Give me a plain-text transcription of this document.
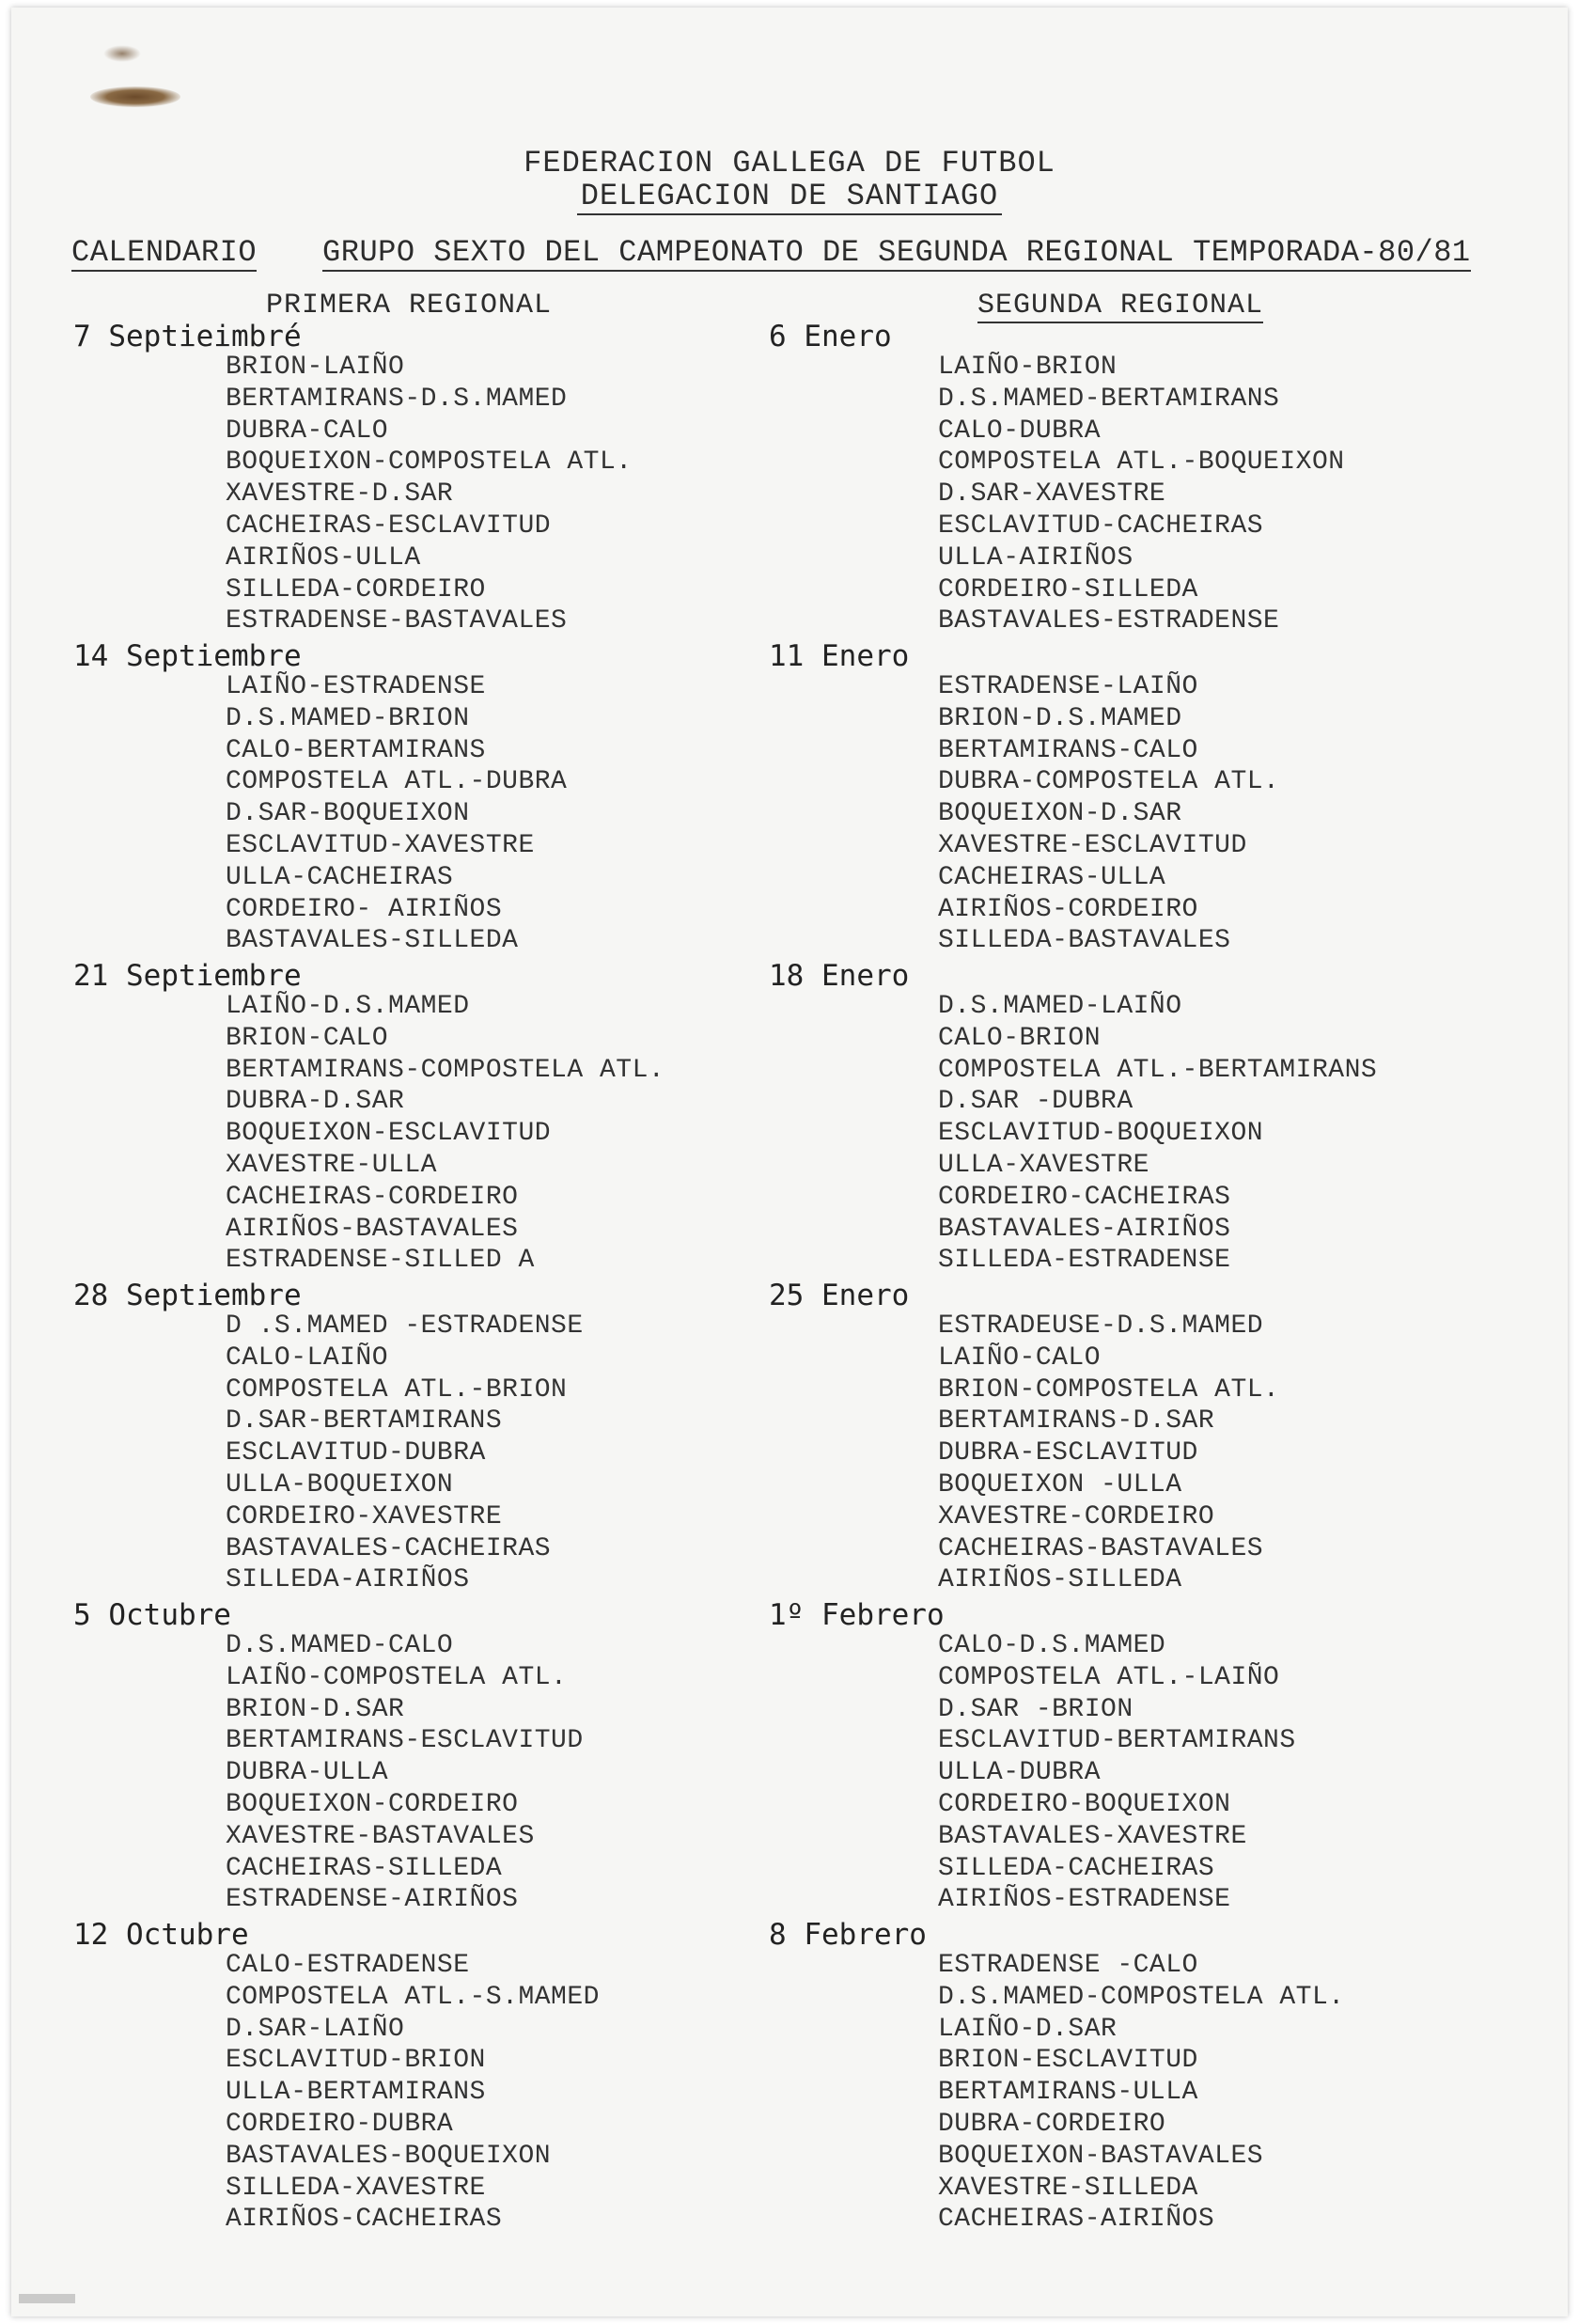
FEDERACION GALLEGA DE FUTBOL
DELEGACION DE SANTIAGO
CALENDARIO GRUPO SEXTO DEL CAMPEONATO DE SEGUNDA REGIONAL TEMPORADA-80/81
PRIMERA REGIONAL	SEGUNDA REGIONAL
7 Septieimbré
BRION-LAIÑO
BERTAMIRANS-D.S.MAMED
DUBRA-CALO
BOQUEIXON-COMPOSTELA ATL.
XAVESTRE-D.SAR
CACHEIRAS-ESCLAVITUD
AIRIÑOS-ULLA
SILLEDA-CORDEIRO
ESTRADENSE-BASTAVALES
14 Septiembre
LAIÑO-ESTRADENSE
D.S.MAMED-BRION
CALO-BERTAMIRANS
COMPOSTELA ATL.-DUBRA
D.SAR-BOQUEIXON
ESCLAVITUD-XAVESTRE
ULLA-CACHEIRAS
CORDEIRO- AIRIÑOS
BASTAVALES-SILLEDA
21 Septiembre
LAIÑO-D.S.MAMED
BRION-CALO
BERTAMIRANS-COMPOSTELA ATL.
DUBRA-D.SAR
BOQUEIXON-ESCLAVITUD
XAVESTRE-ULLA
CACHEIRAS-CORDEIRO
AIRIÑOS-BASTAVALES
ESTRADENSE-SILLED A
28 Septiembre
D .S.MAMED -ESTRADENSE
CALO-LAIÑO
COMPOSTELA ATL.-BRION
D.SAR-BERTAMIRANS
ESCLAVITUD-DUBRA
ULLA-BOQUEIXON
CORDEIRO-XAVESTRE
BASTAVALES-CACHEIRAS
SILLEDA-AIRIÑOS
5 Octubre
D.S.MAMED-CALO
LAIÑO-COMPOSTELA ATL.
BRION-D.SAR
BERTAMIRANS-ESCLAVITUD
DUBRA-ULLA
BOQUEIXON-CORDEIRO
XAVESTRE-BASTAVALES
CACHEIRAS-SILLEDA
ESTRADENSE-AIRIÑOS
12 Octubre
CALO-ESTRADENSE
COMPOSTELA ATL.-S.MAMED
D.SAR-LAIÑO
ESCLAVITUD-BRION
ULLA-BERTAMIRANS
CORDEIRO-DUBRA
BASTAVALES-BOQUEIXON
SILLEDA-XAVESTRE
AIRIÑOS-CACHEIRAS
6 Enero
LAIÑO-BRION
D.S.MAMED-BERTAMIRANS
CALO-DUBRA
COMPOSTELA ATL.-BOQUEIXON
D.SAR-XAVESTRE
ESCLAVITUD-CACHEIRAS
ULLA-AIRIÑOS
CORDEIRO-SILLEDA
BASTAVALES-ESTRADENSE
11 Enero
ESTRADENSE-LAIÑO
BRION-D.S.MAMED
BERTAMIRANS-CALO
DUBRA-COMPOSTELA ATL.
BOQUEIXON-D.SAR
XAVESTRE-ESCLAVITUD
CACHEIRAS-ULLA
AIRIÑOS-CORDEIRO
SILLEDA-BASTAVALES
18 Enero
D.S.MAMED-LAIÑO
CALO-BRION
COMPOSTELA ATL.-BERTAMIRANS
D.SAR -DUBRA
ESCLAVITUD-BOQUEIXON
ULLA-XAVESTRE
CORDEIRO-CACHEIRAS
BASTAVALES-AIRIÑOS
SILLEDA-ESTRADENSE
25 Enero
ESTRADEUSE-D.S.MAMED
LAIÑO-CALO
BRION-COMPOSTELA ATL.
BERTAMIRANS-D.SAR
DUBRA-ESCLAVITUD
BOQUEIXON -ULLA
XAVESTRE-CORDEIRO
CACHEIRAS-BASTAVALES
AIRIÑOS-SILLEDA
1º Febrero
CALO-D.S.MAMED
COMPOSTELA ATL.-LAIÑO
D.SAR -BRION
ESCLAVITUD-BERTAMIRANS
ULLA-DUBRA
CORDEIRO-BOQUEIXON
BASTAVALES-XAVESTRE
SILLEDA-CACHEIRAS
AIRIÑOS-ESTRADENSE
8 Febrero
ESTRADENSE -CALO
D.S.MAMED-COMPOSTELA ATL.
LAIÑO-D.SAR
BRION-ESCLAVITUD
BERTAMIRANS-ULLA
DUBRA-CORDEIRO
BOQUEIXON-BASTAVALES
XAVESTRE-SILLEDA
CACHEIRAS-AIRIÑOS
